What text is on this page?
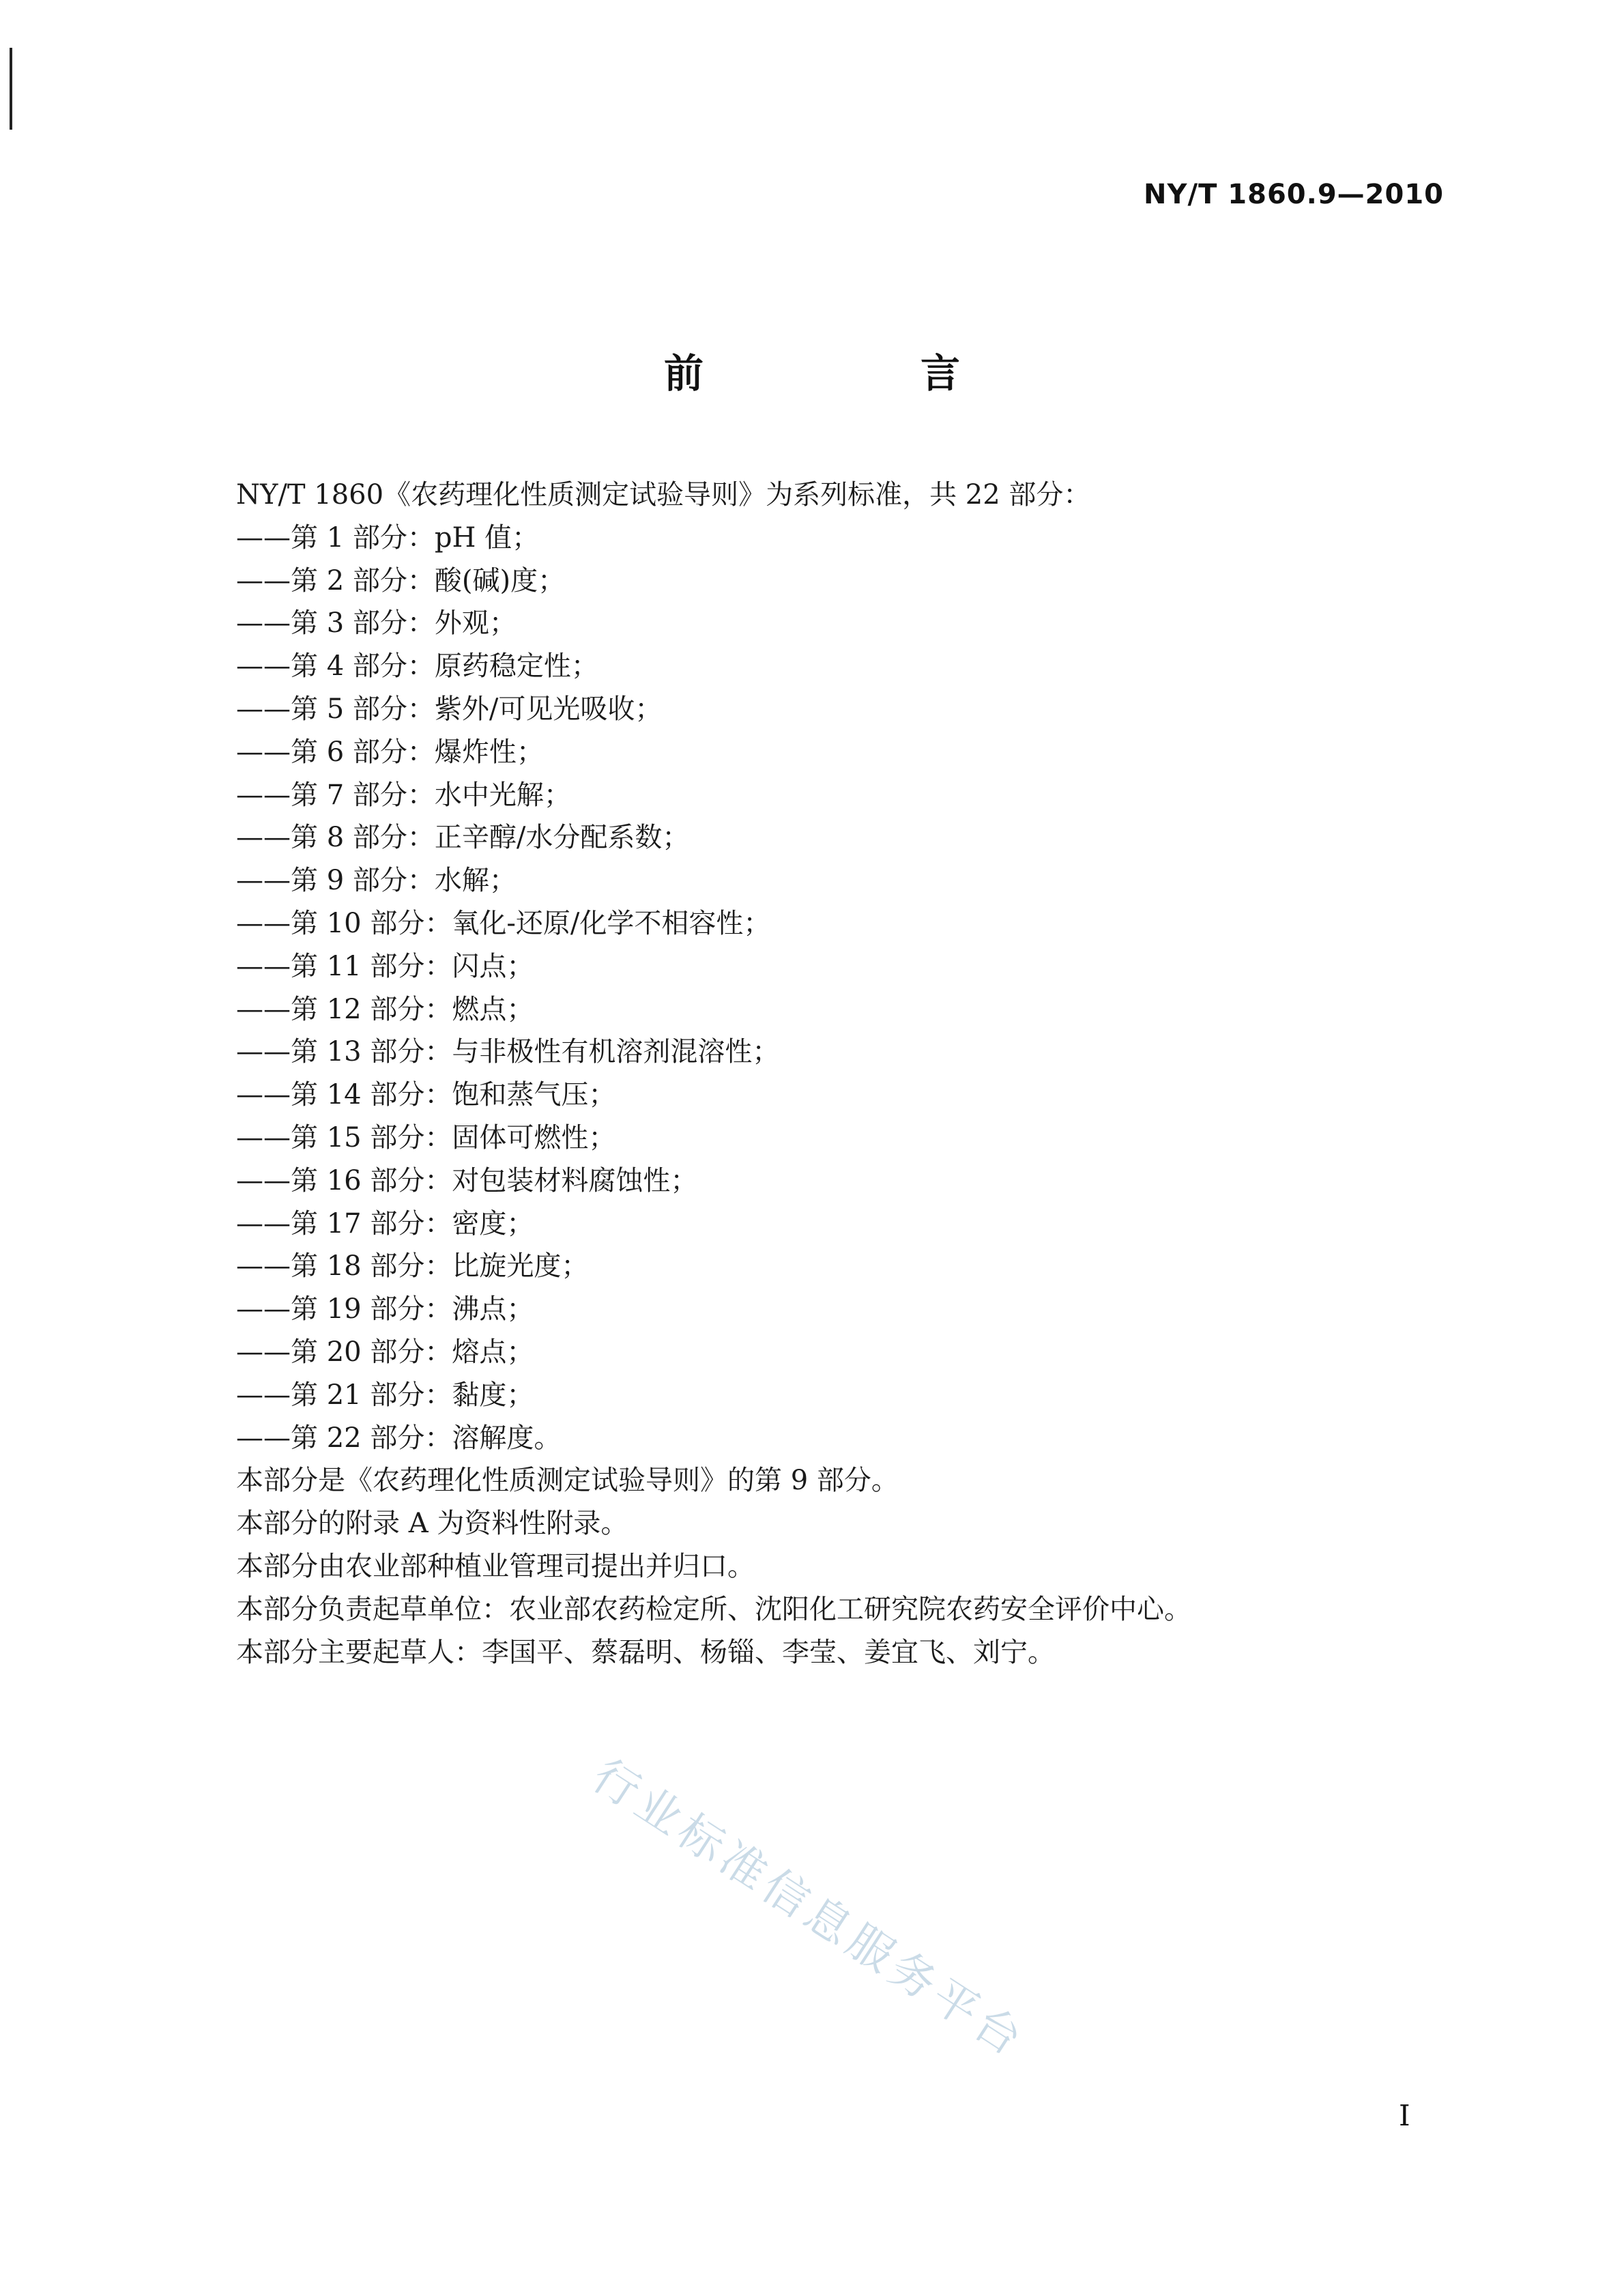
NY/T 1860.9—2010
前　言
NY/T 1860《农药理化性质测定试验导则》为系列标准，共 22 部分：
——第 1 部分：pH 值；
——第 2 部分：酸(碱)度；
——第 3 部分：外观；
——第 4 部分：原药稳定性；
——第 5 部分：紫外/可见光吸收；
——第 6 部分：爆炸性；
——第 7 部分：水中光解；
——第 8 部分：正辛醇/水分配系数；
——第 9 部分：水解；
——第 10 部分：氧化-还原/化学不相容性；
——第 11 部分：闪点；
——第 12 部分：燃点；
——第 13 部分：与非极性有机溶剂混溶性；
——第 14 部分：饱和蒸气压；
——第 15 部分：固体可燃性；
——第 16 部分：对包装材料腐蚀性；
——第 17 部分：密度；
——第 18 部分：比旋光度；
——第 19 部分：沸点；
——第 20 部分：熔点；
——第 21 部分：黏度；
——第 22 部分：溶解度。
本部分是《农药理化性质测定试验导则》的第 9 部分。
本部分的附录 A 为资料性附录。
本部分由农业部种植业管理司提出并归口。
本部分负责起草单位：农业部农药检定所、沈阳化工研究院农药安全评价中心。
本部分主要起草人：李国平、蔡磊明、杨锱、李莹、姜宜飞、刘宁。
行业标准信息服务平台
I
